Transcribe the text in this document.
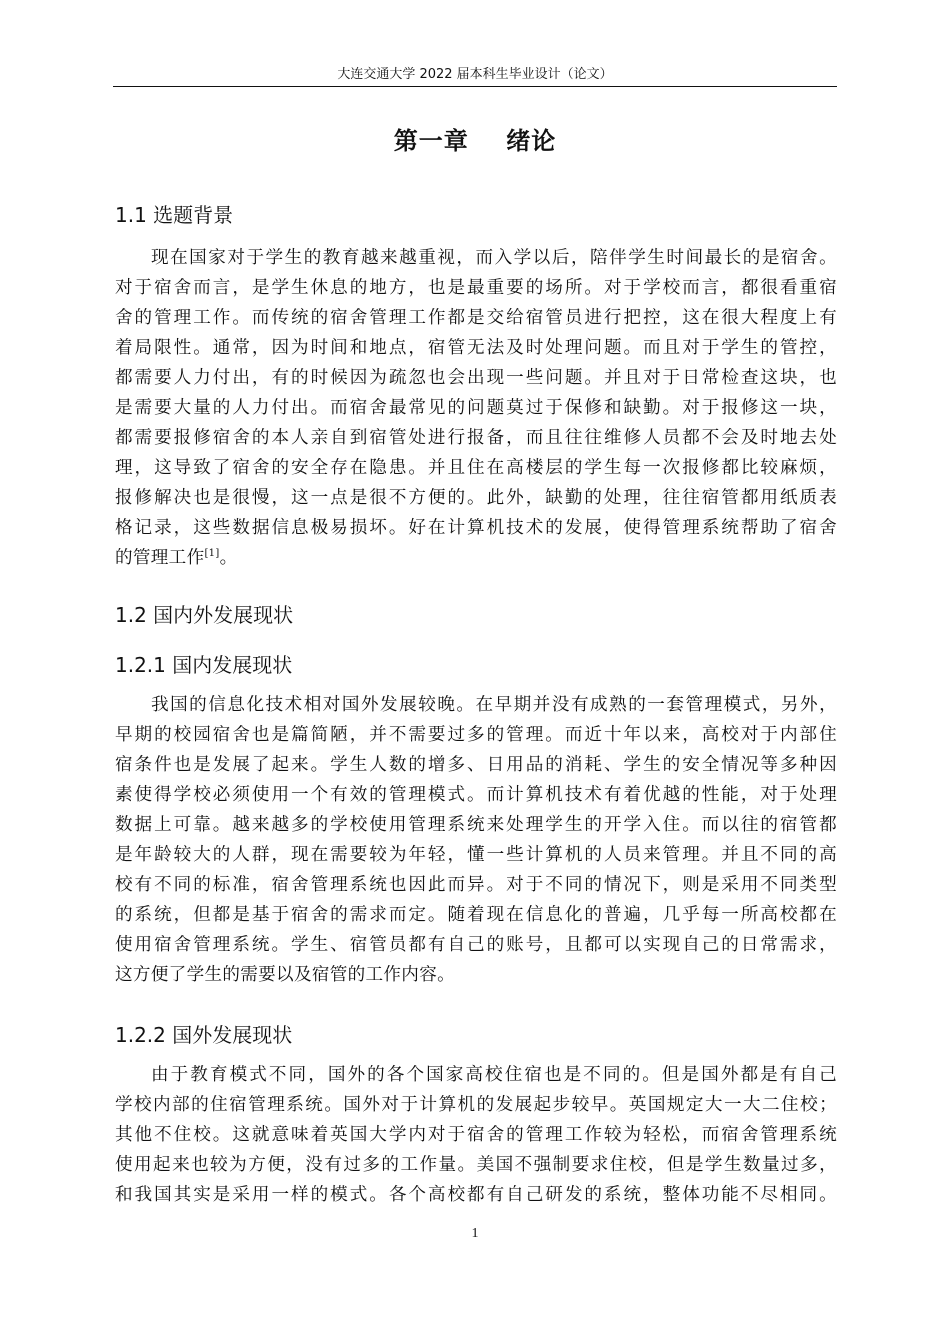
大连交通大学 2022 届本科生毕业设计（论文）
第一章    绪论
1.1 选题背景
现在国家对于学生的教育越来越重视，而入学以后，陪伴学生时间最长的是宿舍。
对于宿舍而言，是学生休息的地方，也是最重要的场所。对于学校而言，都很看重宿
舍的管理工作。而传统的宿舍管理工作都是交给宿管员进行把控，这在很大程度上有
着局限性。通常，因为时间和地点，宿管无法及时处理问题。而且对于学生的管控，
都需要人力付出，有的时候因为疏忽也会出现一些问题。并且对于日常检查这块，也
是需要大量的人力付出。而宿舍最常见的问题莫过于保修和缺勤。对于报修这一块，
都需要报修宿舍的本人亲自到宿管处进行报备，而且往往维修人员都不会及时地去处
理，这导致了宿舍的安全存在隐患。并且住在高楼层的学生每一次报修都比较麻烦，
报修解决也是很慢，这一点是很不方便的。此外，缺勤的处理，往往宿管都用纸质表
格记录，这些数据信息极易损坏。好在计算机技术的发展，使得管理系统帮助了宿舍
的管理工作[1]。
1.2 国内外发展现状
1.2.1 国内发展现状
我国的信息化技术相对国外发展较晚。在早期并没有成熟的一套管理模式，另外，
早期的校园宿舍也是篇简陋，并不需要过多的管理。而近十年以来，高校对于内部住
宿条件也是发展了起来。学生人数的增多、日用品的消耗、学生的安全情况等多种因
素使得学校必须使用一个有效的管理模式。而计算机技术有着优越的性能，对于处理
数据上可靠。越来越多的学校使用管理系统来处理学生的开学入住。而以往的宿管都
是年龄较大的人群，现在需要较为年轻，懂一些计算机的人员来管理。并且不同的高
校有不同的标准，宿舍管理系统也因此而异。对于不同的情况下，则是采用不同类型
的系统，但都是基于宿舍的需求而定。随着现在信息化的普遍，几乎每一所高校都在
使用宿舍管理系统。学生、宿管员都有自己的账号，且都可以实现自己的日常需求，
这方便了学生的需要以及宿管的工作内容。
1.2.2 国外发展现状
由于教育模式不同，国外的各个国家高校住宿也是不同的。但是国外都是有自己
学校内部的住宿管理系统。国外对于计算机的发展起步较早。英国规定大一大二住校；
其他不住校。这就意味着英国大学内对于宿舍的管理工作较为轻松，而宿舍管理系统
使用起来也较为方便，没有过多的工作量。美国不强制要求住校，但是学生数量过多，
和我国其实是采用一样的模式。各个高校都有自己研发的系统，整体功能不尽相同。
1
